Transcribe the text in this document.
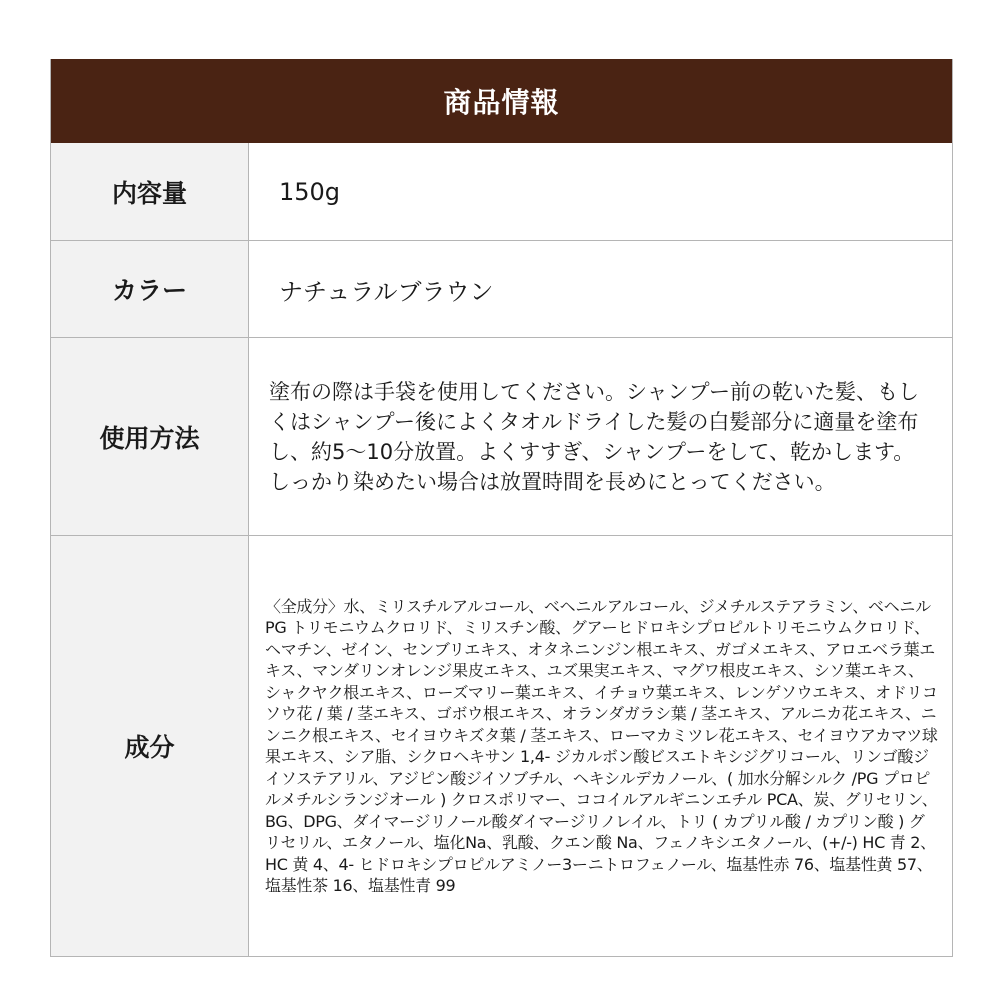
商品情報
内容量	150g
カラー	ナチュラルブラウン
使用方法
塗布の際は手袋を使用してください。シャンプー前の乾いた髪、もしくはシャンプー後によくタオルドライした髪の白髪部分に適量を塗布し、約5〜10分放置。よくすすぎ、シャンプーをして、乾かします。しっかり染めたい場合は放置時間を長めにとってください。
成分
〈全成分〉水、ミリスチルアルコール、ベヘニルアルコール、ジメチルステアラミン、ベヘニル PG トリモニウムクロリド、ミリスチン酸、グアーヒドロキシプロピルトリモニウムクロリド、ヘマチン、ゼイン、センブリエキス、オタネニンジン根エキス、ガゴメエキス、アロエベラ葉エキス、マンダリンオレンジ果皮エキス、ユズ果実エキス、マグワ根皮エキス、シソ葉エキス、シャクヤク根エキス、ローズマリー葉エキス、イチョウ葉エキス、レンゲソウエキス、オドリコソウ花 / 葉 / 茎エキス、ゴボウ根エキス、オランダガラシ葉 / 茎エキス、アルニカ花エキス、ニンニク根エキス、セイヨウキズタ葉 / 茎エキス、ローマカミツレ花エキス、セイヨウアカマツ球果エキス、シア脂、シクロヘキサン 1,4- ジカルボン酸ビスエトキシジグリコール、リンゴ酸ジイソステアリル、アジピン酸ジイソブチル、ヘキシルデカノール、( 加水分解シルク /PG プロピルメチルシランジオール ) クロスポリマー、ココイルアルギニンエチル PCA、炭、グリセリン、BG、DPG、ダイマージリノール酸ダイマージリノレイル、トリ ( カプリル酸 / カプリン酸 ) グリセリル、エタノール、塩化Na、乳酸、クエン酸 Na、フェノキシエタノール、(+/-) HC 青 2、HC 黄 4、4- ヒドロキシプロピルアミノー3ーニトロフェノール、塩基性赤 76、塩基性黄 57、塩基性茶 16、塩基性青 99
